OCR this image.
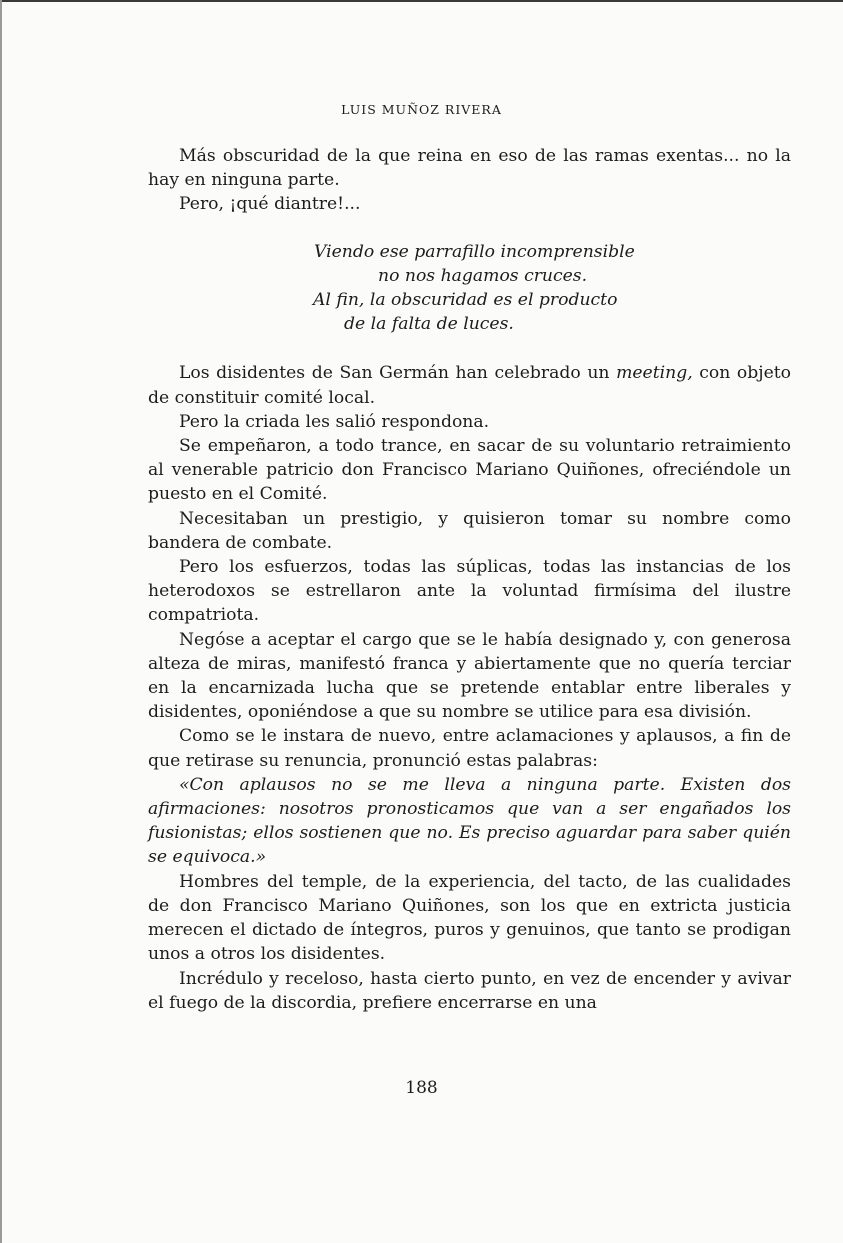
LUIS MUÑOZ RIVERA

Más obscuridad de la que reina en eso de las ramas exentas... no la hay en ninguna parte.

Pero, ¡qué diantre!...

Viendo ese parrafillo incomprensible
no nos hagamos cruces.
Al fin, la obscuridad es el producto
de la falta de luces.

Los disidentes de San Germán han celebrado un meeting, con objeto de constituir comité local.

Pero la criada les salió respondona.

Se empeñaron, a todo trance, en sacar de su voluntario retraimiento al venerable patricio don Francisco Mariano Quiñones, ofreciéndole un puesto en el Comité.

Necesitaban un prestigio, y quisieron tomar su nombre como bandera de combate.

Pero los esfuerzos, todas las súplicas, todas las instancias de los heterodoxos se estrellaron ante la voluntad firmísima del ilustre compatriota.

Negóse a aceptar el cargo que se le había designado y, con generosa alteza de miras, manifestó franca y abiertamente que no quería terciar en la encarnizada lucha que se pretende entablar entre liberales y disidentes, oponiéndose a que su nombre se utilice para esa división.

Como se le instara de nuevo, entre aclamaciones y aplausos, a fin de que retirase su renuncia, pronunció estas palabras:

«Con aplausos no se me lleva a ninguna parte. Existen dos afirmaciones: nosotros pronosticamos que van a ser engañados los fusionistas; ellos sostienen que no. Es preciso aguardar para saber quién se equivoca.»

Hombres del temple, de la experiencia, del tacto, de las cualidades de don Francisco Mariano Quiñones, son los que en extricta justicia merecen el dictado de íntegros, puros y genuinos, que tanto se prodigan unos a otros los disidentes.

Incrédulo y receloso, hasta cierto punto, en vez de encender y avivar el fuego de la discordia, prefiere encerrarse en una

188
